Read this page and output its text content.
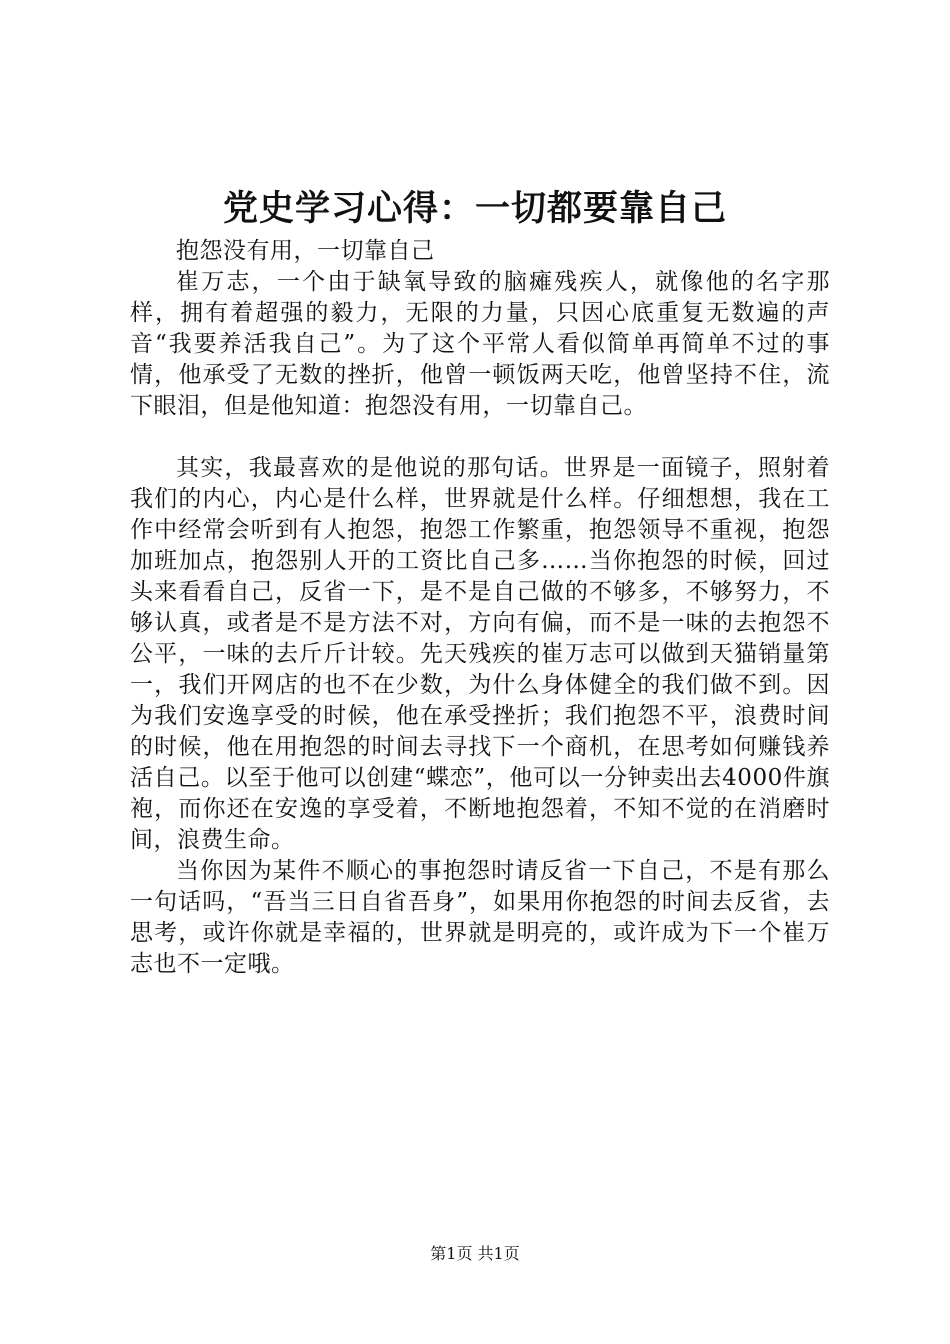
党史学习心得：一切都要靠自己

抱怨没有用，一切靠自己

崔万志，一个由于缺氧导致的脑瘫残疾人，就像他的名字那样，拥有着超强的毅力，无限的力量，只因心底重复无数遍的声音“我要养活我自己”。为了这个平常人看似简单再简单不过的事情，他承受了无数的挫折，他曾一顿饭两天吃，他曾坚持不住，流下眼泪，但是他知道：抱怨没有用，一切靠自己。

其实，我最喜欢的是他说的那句话。世界是一面镜子，照射着我们的内心，内心是什么样，世界就是什么样。仔细想想，我在工作中经常会听到有人抱怨，抱怨工作繁重，抱怨领导不重视，抱怨加班加点，抱怨别人开的工资比自己多……当你抱怨的时候，回过头来看看自己，反省一下，是不是自己做的不够多，不够努力，不够认真，或者是不是方法不对，方向有偏，而不是一味的去抱怨不公平，一味的去斤斤计较。先天残疾的崔万志可以做到天猫销量第一，我们开网店的也不在少数，为什么身体健全的我们做不到。因为我们安逸享受的时候，他在承受挫折；我们抱怨不平，浪费时间的时候，他在用抱怨的时间去寻找下一个商机，在思考如何赚钱养活自己。以至于他可以创建“蝶恋”，他可以一分钟卖出去4000件旗袍，而你还在安逸的享受着，不断地抱怨着，不知不觉的在消磨时间，浪费生命。

当你因为某件不顺心的事抱怨时请反省一下自己，不是有那么一句话吗，“吾当三日自省吾身”，如果用你抱怨的时间去反省，去思考，或许你就是幸福的，世界就是明亮的，或许成为下一个崔万志也不一定哦。

第1页 共1页
